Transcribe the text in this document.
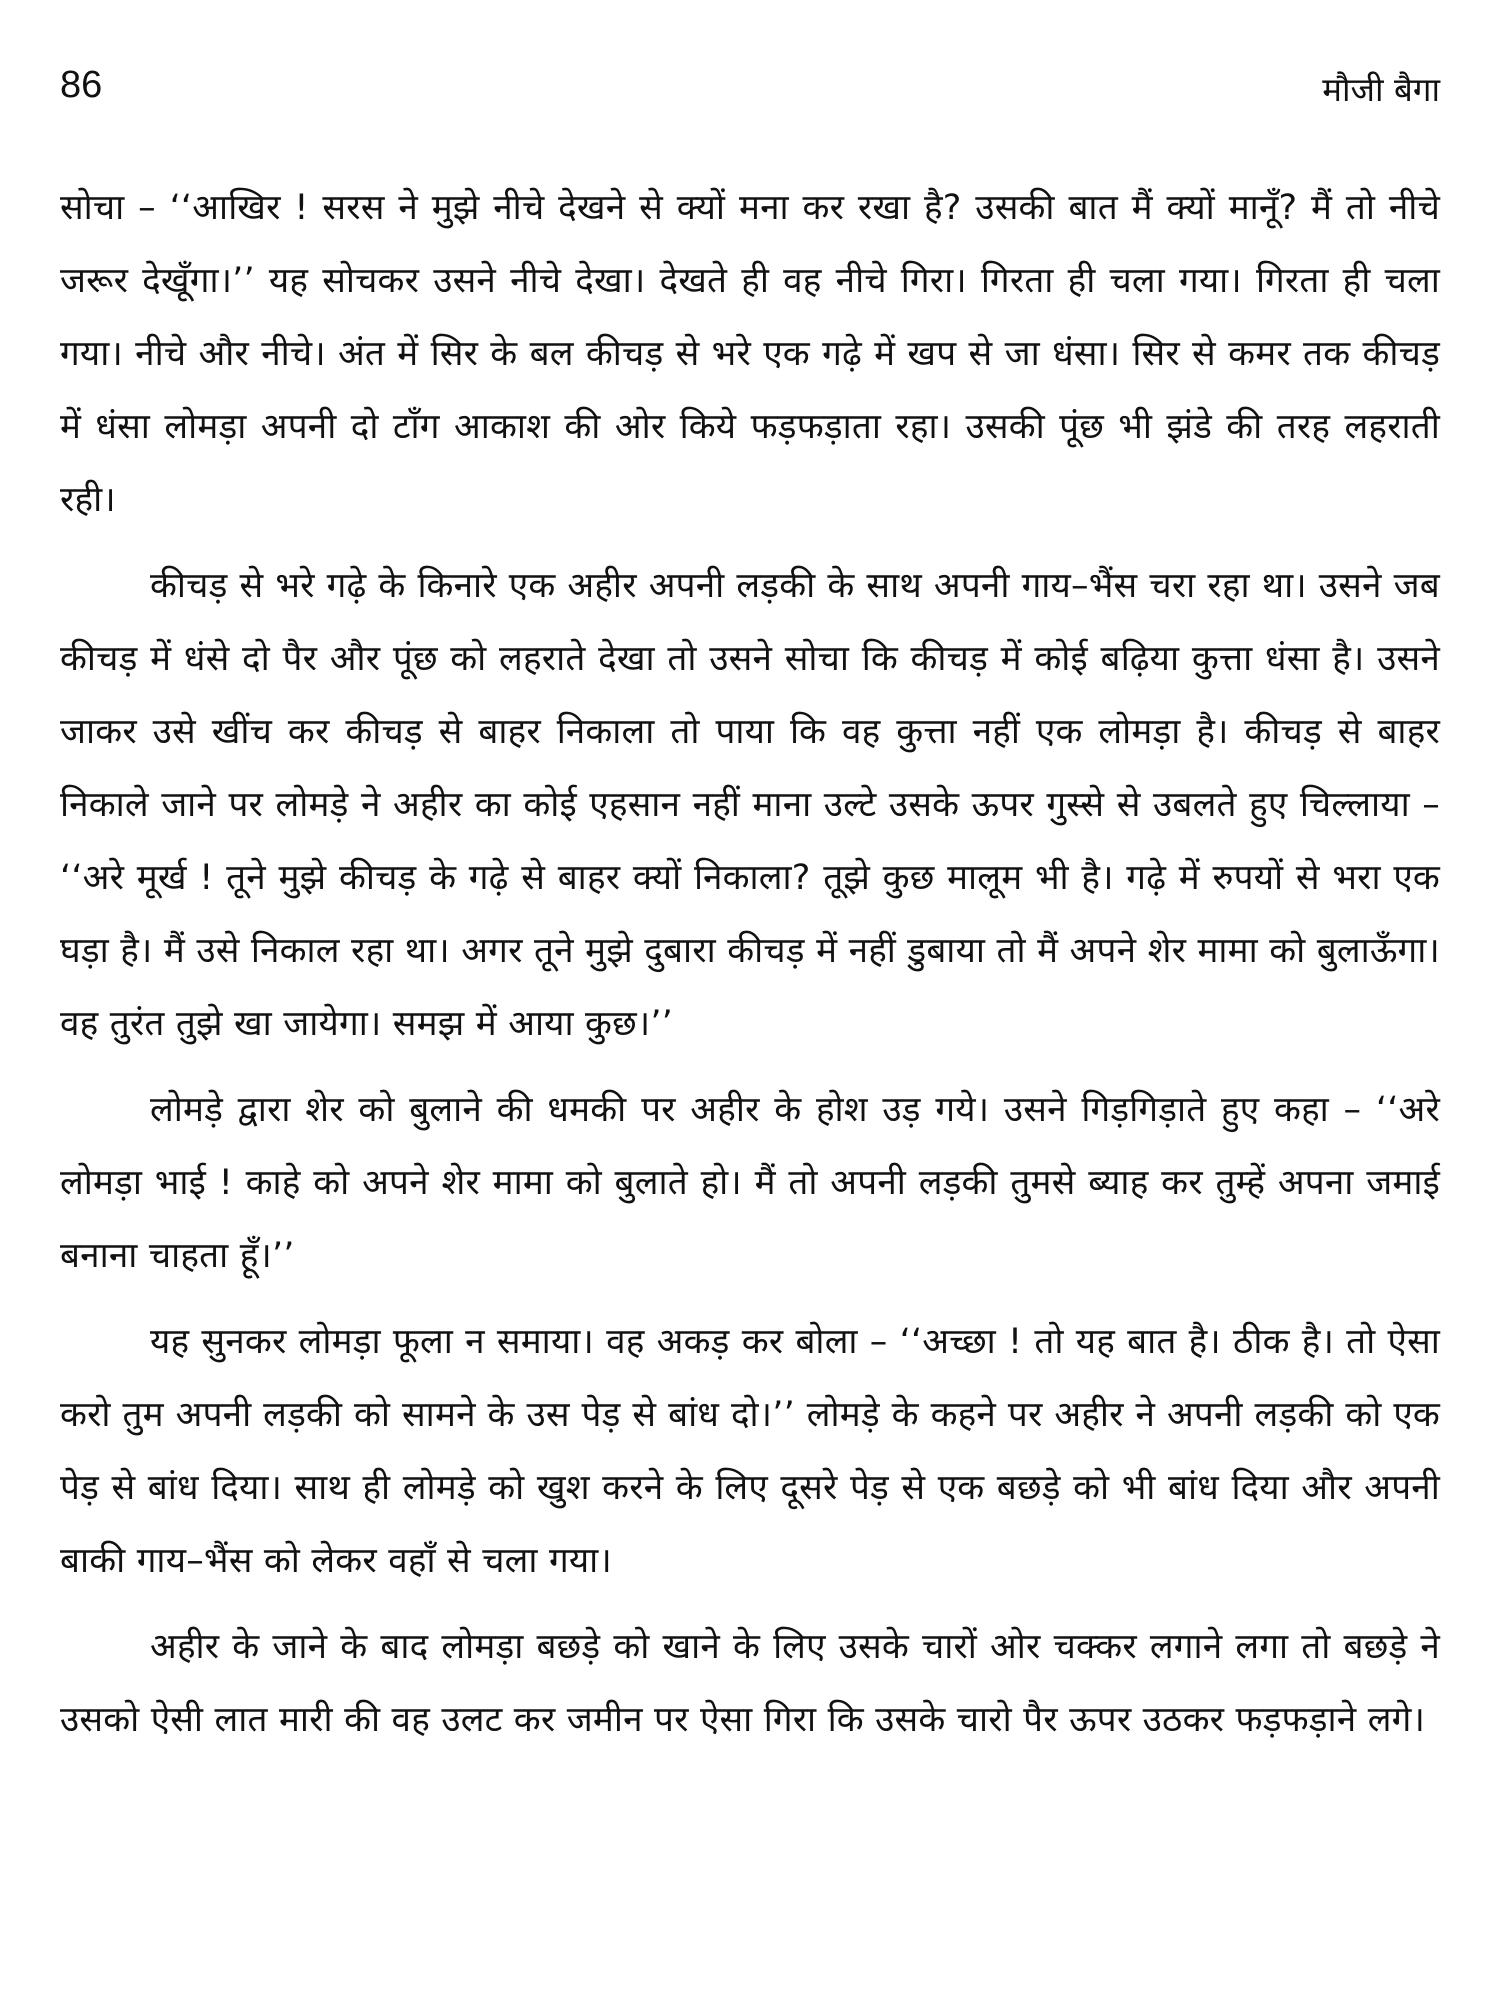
86	मौजी बैगा

सोचा – ‘‘आखिर ! सरस ने मुझे नीचे देखने से क्यों मना कर रखा है? उसकी बात मैं क्यों मानूँ? मैं तो नीचे जरूर देखूँगा।’’ यह सोचकर उसने नीचे देखा। देखते ही वह नीचे गिरा। गिरता ही चला गया। गिरता ही चला गया। नीचे और नीचे। अंत में सिर के बल कीचड़ से भरे एक गढ़े में खप से जा धंसा। सिर से कमर तक कीचड़ में धंसा लोमड़ा अपनी दो टाँग आकाश की ओर किये फड़फड़ाता रहा। उसकी पूंछ भी झंडे की तरह लहराती रही।

कीचड़ से भरे गढ़े के किनारे एक अहीर अपनी लड़की के साथ अपनी गाय–भैंस चरा रहा था। उसने जब कीचड़ में धंसे दो पैर और पूंछ को लहराते देखा तो उसने सोचा कि कीचड़ में कोई बढ़िया कुत्ता धंसा है। उसने जाकर उसे खींच कर कीचड़ से बाहर निकाला तो पाया कि वह कुत्ता नहीं एक लोमड़ा है। कीचड़ से बाहर निकाले जाने पर लोमड़े ने अहीर का कोई एहसान नहीं माना उल्टे उसके ऊपर गुस्से से उबलते हुए चिल्लाया – ‘‘अरे मूर्ख ! तूने मुझे कीचड़ के गढ़े से बाहर क्यों निकाला? तूझे कुछ मालूम भी है। गढ़े में रुपयों से भरा एक घड़ा है। मैं उसे निकाल रहा था। अगर तूने मुझे दुबारा कीचड़ में नहीं डुबाया तो मैं अपने शेर मामा को बुलाऊँगा। वह तुरंत तुझे खा जायेगा। समझ में आया कुछ।’’

लोमड़े द्वारा शेर को बुलाने की धमकी पर अहीर के होश उड़ गये। उसने गिड़गिड़ाते हुए कहा – ‘‘अरे लोमड़ा भाई ! काहे को अपने शेर मामा को बुलाते हो। मैं तो अपनी लड़की तुमसे ब्याह कर तुम्हें अपना जमाई बनाना चाहता हूँ।’’

यह सुनकर लोमड़ा फूला न समाया। वह अकड़ कर बोला – ‘‘अच्छा ! तो यह बात है। ठीक है। तो ऐसा करो तुम अपनी लड़की को सामने के उस पेड़ से बांध दो।’’ लोमड़े के कहने पर अहीर ने अपनी लड़की को एक पेड़ से बांध दिया। साथ ही लोमड़े को खुश करने के लिए दूसरे पेड़ से एक बछड़े को भी बांध दिया और अपनी बाकी गाय–भैंस को लेकर वहाँ से चला गया।

अहीर के जाने के बाद लोमड़ा बछड़े को खाने के लिए उसके चारों ओर चक्कर लगाने लगा तो बछड़े ने उसको ऐसी लात मारी की वह उलट कर जमीन पर ऐसा गिरा कि उसके चारो पैर ऊपर उठकर फड़फड़ाने लगे।
